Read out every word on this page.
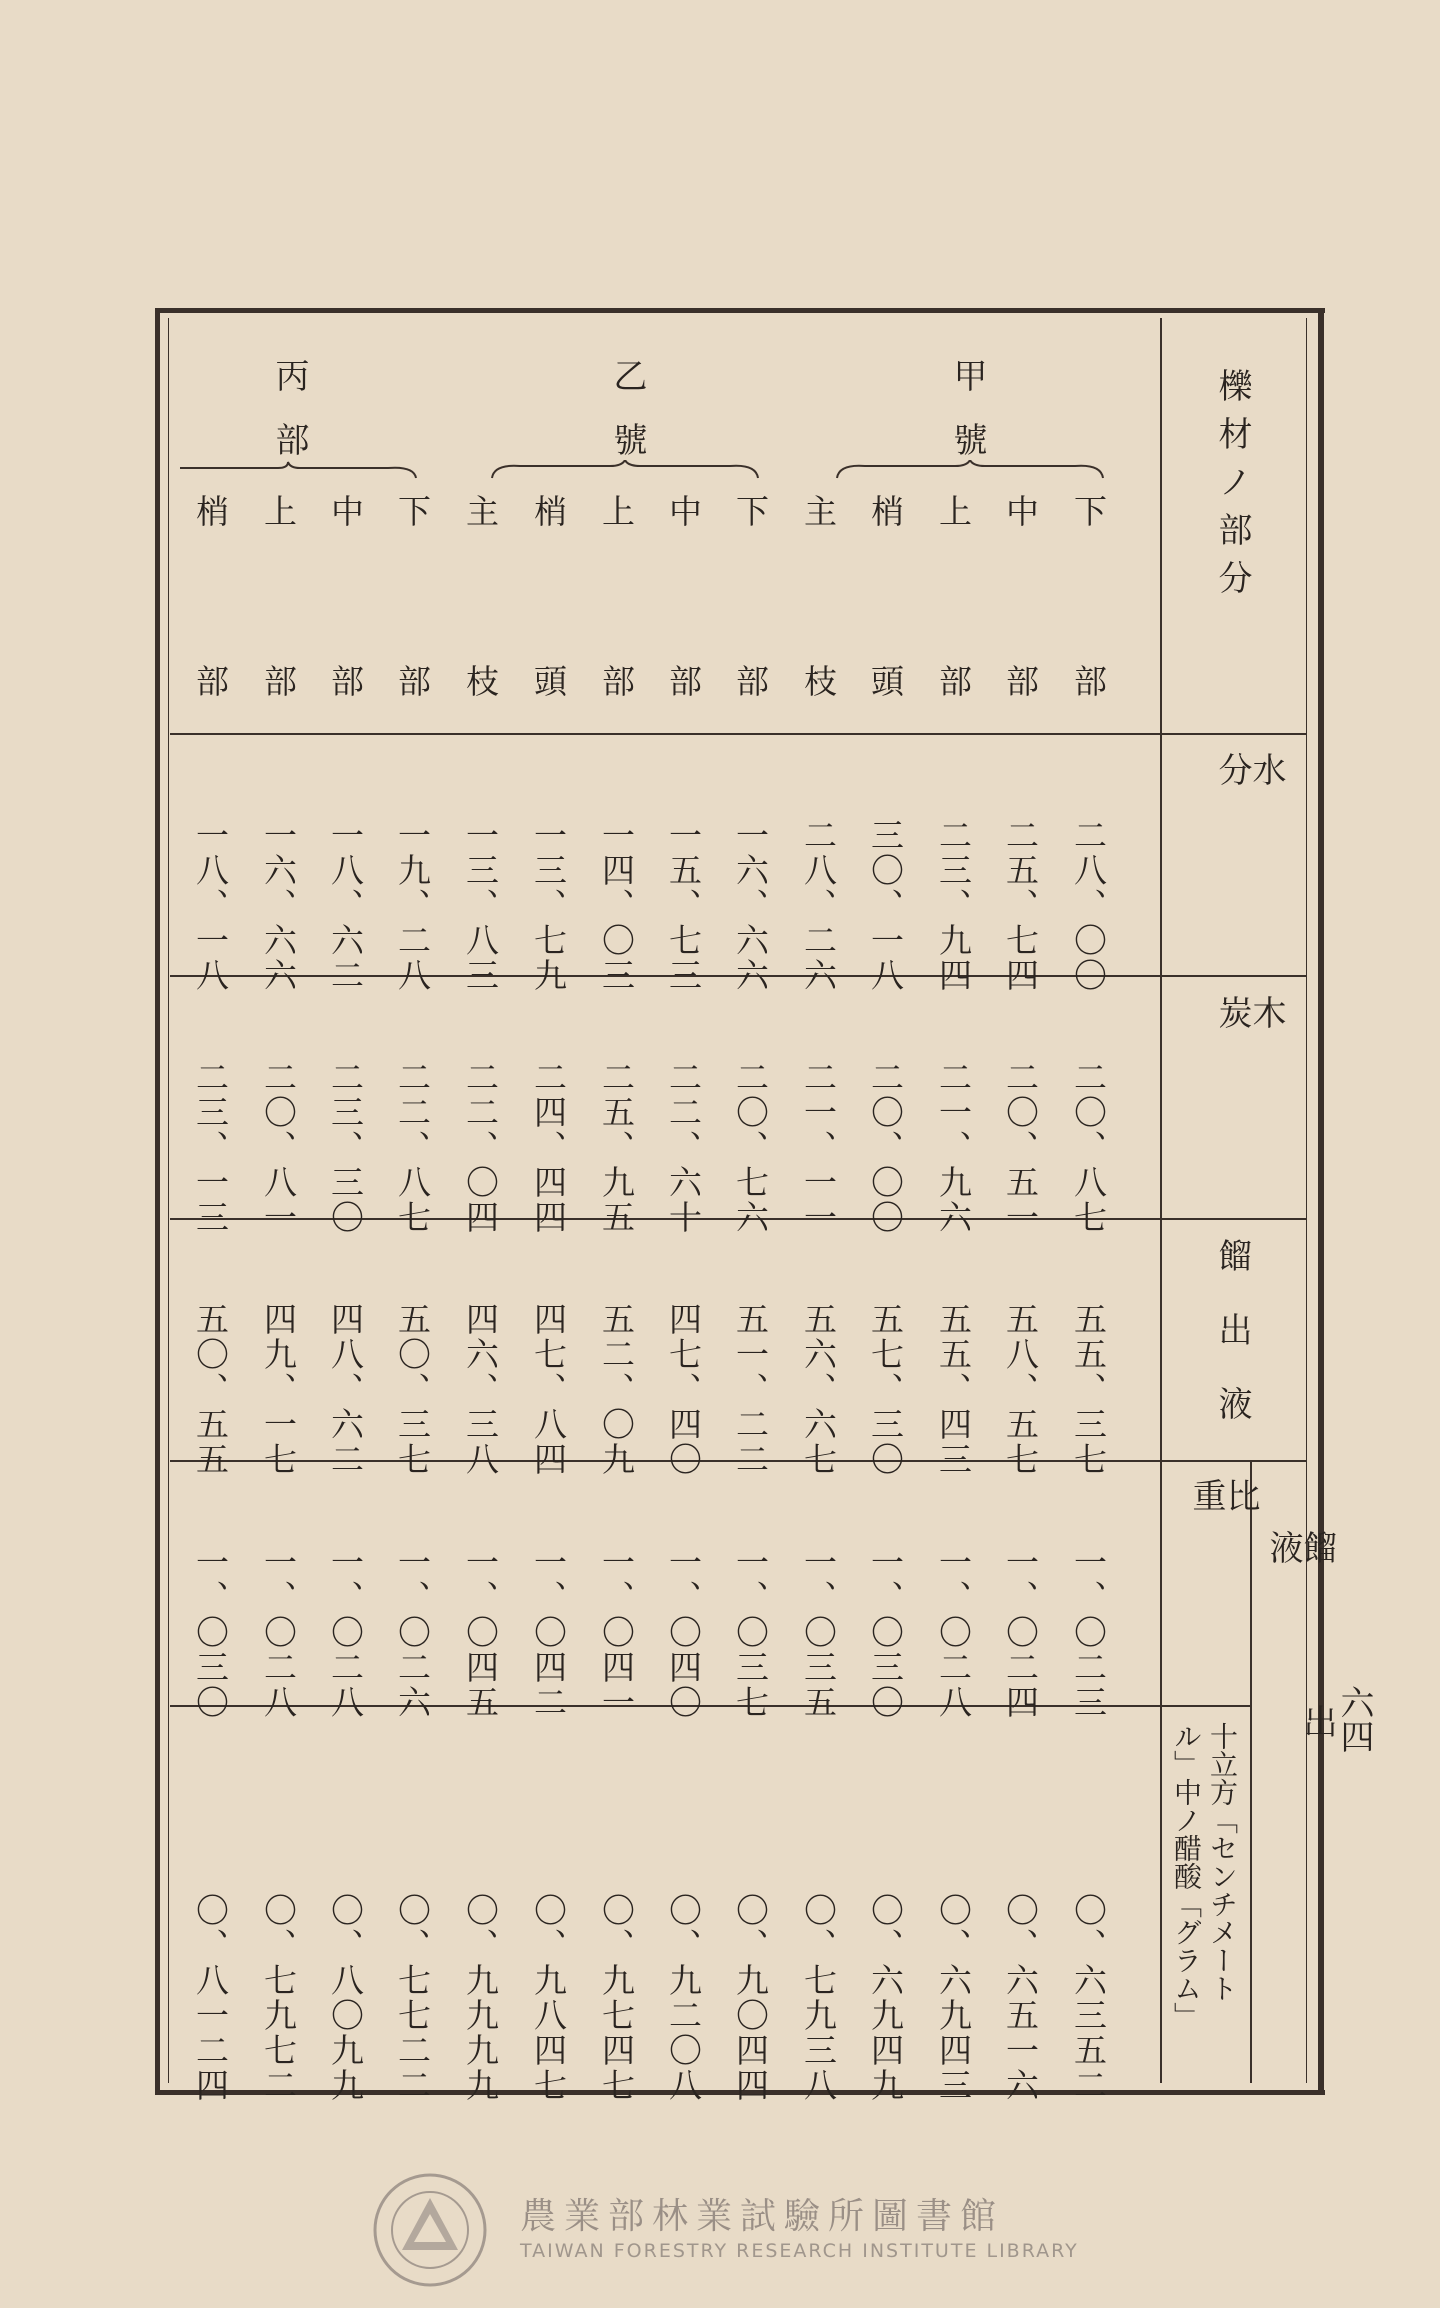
櫟材ノ部分
水分
木炭
餾出液
比重	餾出液
十立方「センチメート
ル」中ノ醋酸「グラム」
六四
甲號
乙號
丙部
下
部
二八、〇〇
二〇、八七
五五、三七
一、〇二三
〇、六三五二
中
部
二五、七四
二〇、五一
五八、五七
一、〇二四
〇、六五一六
上
部
二三、九四
二一、九六
五五、四三
一、〇二八
〇、六九四三
梢
頭
三〇、一八
二〇、〇〇
五七、三〇
一、〇三〇
〇、六九四九
主
枝
二八、二六
二一、一一
五六、六七
一、〇三五
〇、七九三八
下
部
一六、六六
二〇、七六
五一、二二
一、〇三七
〇、九〇四四
中
部
一五、七三
二二、六十
四七、四〇
一、〇四〇
〇、九二〇八
上
部
一四、〇三
二五、九五
五二、〇九
一、〇四一
〇、九七四七
梢
頭
一三、七九
二四、四四
四七、八四
一、〇四二
〇、九八四七
主
枝
一三、八三
二二、〇四
四六、三八
一、〇四五
〇、九九九九
下
部
一九、二八
二二、八七
五〇、三七
一、〇二六
〇、七七二二
中
部
一八、六二
二三、三〇
四八、六二
一、〇二八
〇、八〇九九
上
部
一六、六六
二〇、八一
四九、一七
一、〇二八
〇、七九七二
梢
部
一八、一八
二三、一三
五〇、五五
一、〇三〇
〇、八一二四
農業部林業試驗所圖書館
TAIWAN FORESTRY RESEARCH INSTITUTE LIBRARY
